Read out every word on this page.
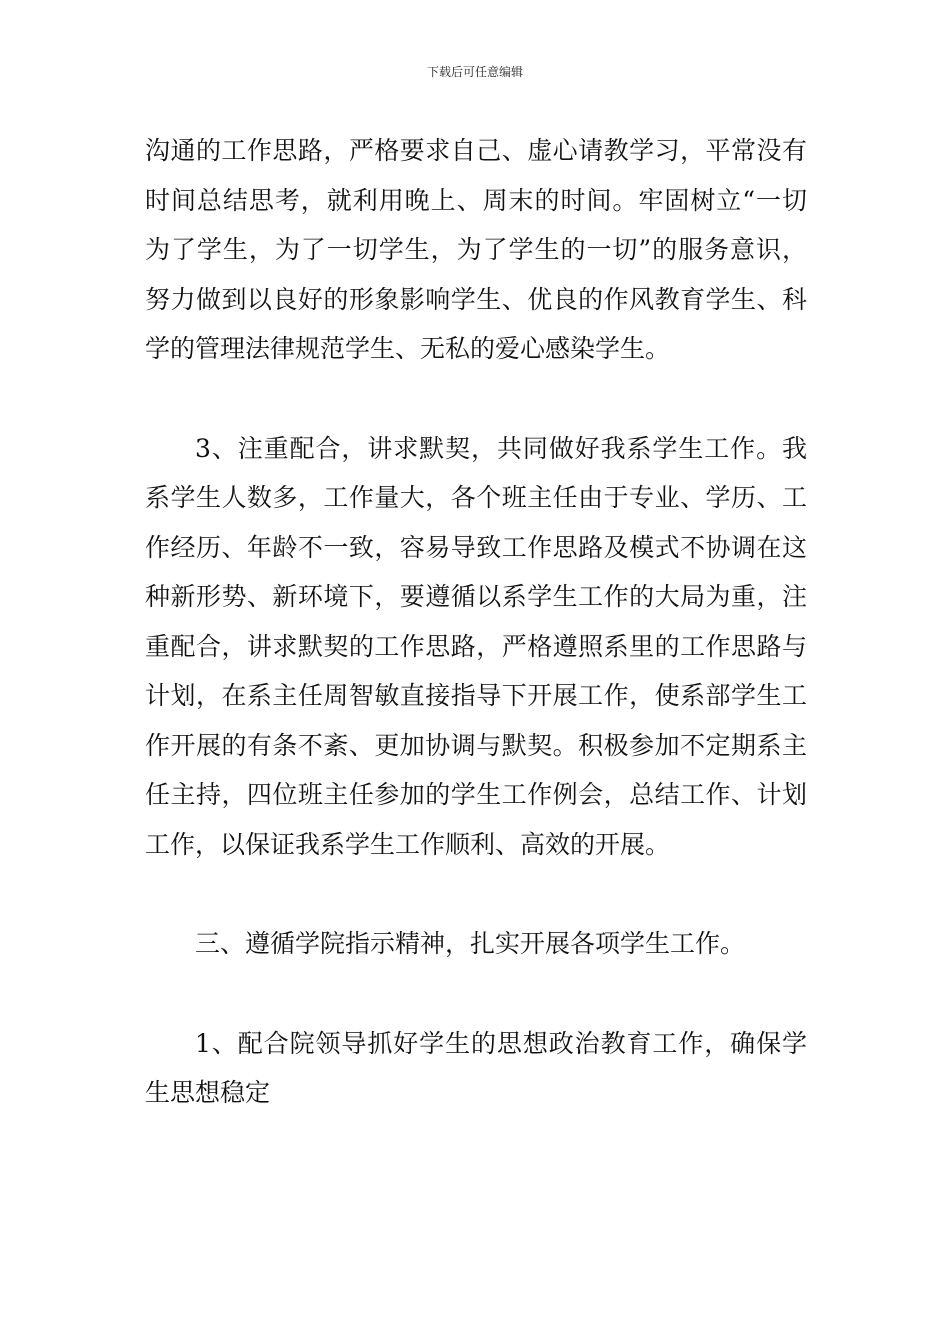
下载后可任意编辑

沟通的工作思路，严格要求自己、虚心请教学习，平常没有时间总结思考，就利用晚上、周末的时间。牢固树立“一切为了学生，为了一切学生，为了学生的一切”的服务意识，努力做到以良好的形象影响学生、优良的作风教育学生、科学的管理法律规范学生、无私的爱心感染学生。

3、注重配合，讲求默契，共同做好我系学生工作。我系学生人数多，工作量大，各个班主任由于专业、学历、工作经历、年龄不一致，容易导致工作思路及模式不协调在这种新形势、新环境下，要遵循以系学生工作的大局为重，注重配合，讲求默契的工作思路，严格遵照系里的工作思路与计划，在系主任周智敏直接指导下开展工作，使系部学生工作开展的有条不紊、更加协调与默契。积极参加不定期系主任主持，四位班主任参加的学生工作例会，总结工作、计划工作，以保证我系学生工作顺利、高效的开展。

三、遵循学院指示精神，扎实开展各项学生工作。

1、配合院领导抓好学生的思想政治教育工作，确保学生思想稳定
